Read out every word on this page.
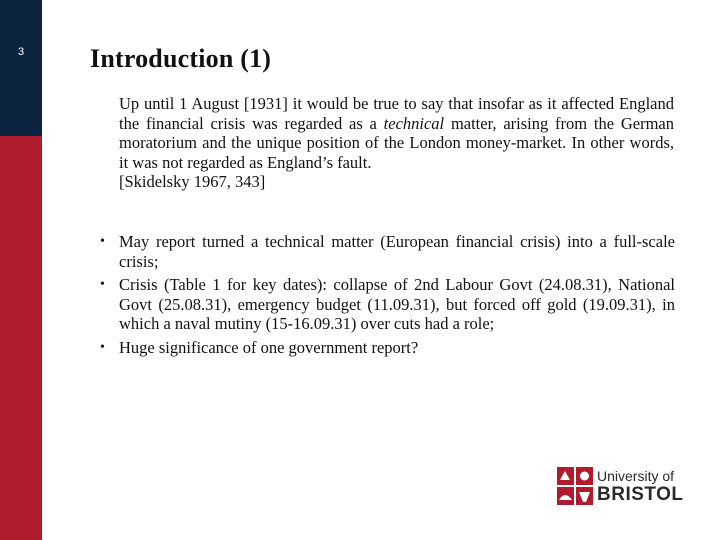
3	Introduction (1)

Up until 1 August [1931] it would be true to say that insofar as it affected England the financial crisis was regarded as a technical matter, arising from the German moratorium and the unique position of the London money-market. In other words, it was not regarded as England’s fault.

[Skidelsky 1967, 343]

• May report turned a technical matter (European financial crisis) into a full-scale crisis;
• Crisis (Table 1 for key dates): collapse of 2nd Labour Govt (24.08.31), National Govt (25.08.31), emergency budget (11.09.31), but forced off gold (19.09.31), in which a naval mutiny (15-16.09.31) over cuts had a role;
• Huge significance of one government report?
University of
BRISTOL
